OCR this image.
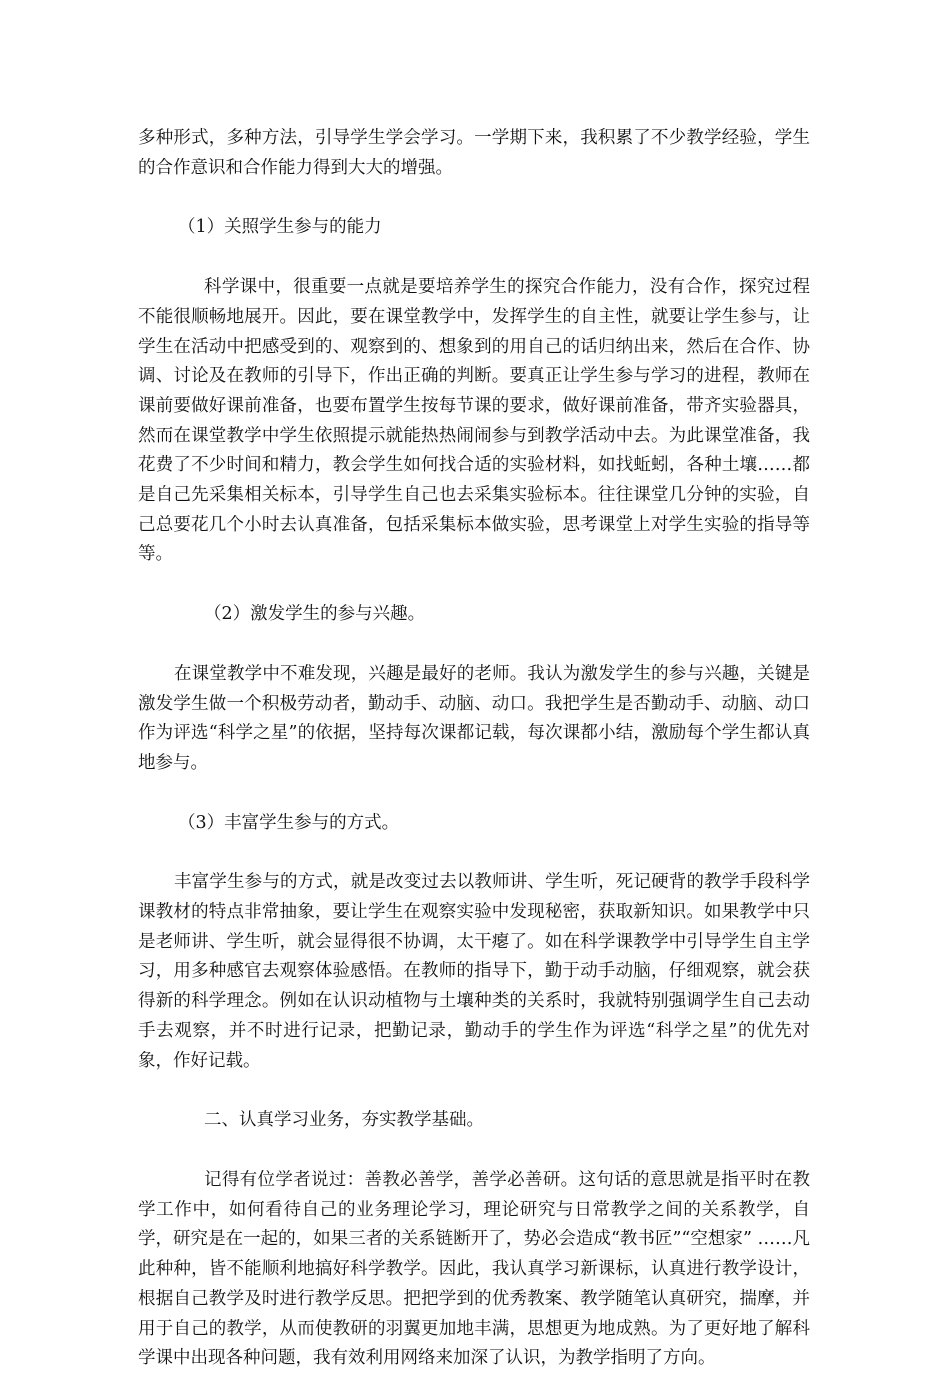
多种形式，多种方法，引导学生学会学习。一学期下来，我积累了不少教学经验，学生的合作意识和合作能力得到大大的增强。

（1）关照学生参与的能力

科学课中，很重要一点就是要培养学生的探究合作能力，没有合作，探究过程不能很顺畅地展开。因此，要在课堂教学中，发挥学生的自主性，就要让学生参与，让学生在活动中把感受到的、观察到的、想象到的用自己的话归纳出来，然后在合作、协调、讨论及在教师的引导下，作出正确的判断。要真正让学生参与学习的进程，教师在课前要做好课前准备，也要布置学生按每节课的要求，做好课前准备，带齐实验器具，然而在课堂教学中学生依照提示就能热热闹闹参与到教学活动中去。为此课堂准备，我花费了不少时间和精力，教会学生如何找合适的实验材料，如找蚯蚓，各种土壤……都是自己先采集相关标本，引导学生自己也去采集实验标本。往往课堂几分钟的实验，自己总要花几个小时去认真准备，包括采集标本做实验，思考课堂上对学生实验的指导等等。

（2）激发学生的参与兴趣。

在课堂教学中不难发现，兴趣是最好的老师。我认为激发学生的参与兴趣，关键是激发学生做一个积极劳动者，勤动手、动脑、动口。我把学生是否勤动手、动脑、动口作为评选“科学之星”的依据，坚持每次课都记载，每次课都小结，激励每个学生都认真地参与。

（3）丰富学生参与的方式。

丰富学生参与的方式，就是改变过去以教师讲、学生听，死记硬背的教学手段科学课教材的特点非常抽象，要让学生在观察实验中发现秘密，获取新知识。如果教学中只是老师讲、学生听，就会显得很不协调，太干瘪了。如在科学课教学中引导学生自主学习，用多种感官去观察体验感悟。在教师的指导下，勤于动手动脑，仔细观察，就会获得新的科学理念。例如在认识动植物与土壤种类的关系时，我就特别强调学生自己去动手去观察，并不时进行记录，把勤记录，勤动手的学生作为评选“科学之星”的优先对象，作好记载。

二、认真学习业务，夯实教学基础。

记得有位学者说过：善教必善学，善学必善研。这句话的意思就是指平时在教学工作中，如何看待自己的业务理论学习，理论研究与日常教学之间的关系教学，自学，研究是在一起的，如果三者的关系链断开了，势必会造成“教书匠”“空想家” ……凡此种种，皆不能顺利地搞好科学教学。因此，我认真学习新课标，认真进行教学设计，根据自己教学及时进行教学反思。把把学到的优秀教案、教学随笔认真研究，揣摩，并用于自己的教学，从而使教研的羽翼更加地丰满，思想更为地成熟。为了更好地了解科学课中出现各种问题，我有效利用网络来加深了认识，为教学指明了方向。
